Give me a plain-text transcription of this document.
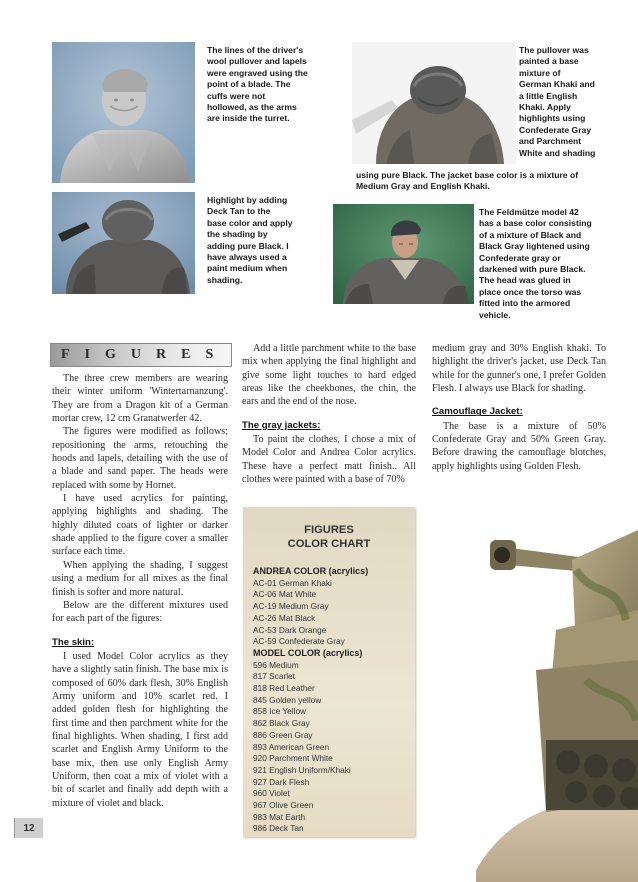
The lines of the driver's
wool pullover and lapels
were engraved using the
point of a blade. The
cuffs were not
hollowed, as the arms
are inside the turret.
The pullover was
painted a base
mixture of
German Khaki and
a little English
Khaki. Apply
highlights using
Confederate Gray
and Parchment
White and shading
using pure Black. The jacket base color is a mixture of
Medium Gray and English Khaki.
Highlight by adding
Deck Tan to the
base color and apply
the shading by
adding pure Black. I
have always used a
paint medium when
shading.
The Feldmütze model 42
has a base color consisting
of a mixture of Black and
Black Gray lightened using
Confederate gray or
darkened with pure Black.
The head was glued in
place once the torso was
fitted into the armored
vehicle.
FIGURES

The three crew members are wearing their winter uniform 'Wintertarnanzung'. They are from a Dragon kit of a German mortar crew, 12 cm Granatwerfer 42.

The figures were modified as follows; repositioning the arms, retouching the hoods and lapels, detailing with the use of a blade and sand paper. The heads were replaced with some by Hornet.

I have used acrylics for painting, applying highlights and shading. The highly diluted coats of lighter or darker shade applied to the figure cover a smaller surface each time.

When applying the shading, I suggest using a medium for all mixes as the final finish is softer and more natural.

Below are the different mixtures used for each part of the figures:

The skin:

I used Model Color acrylics as they have a slightly satin finish. The base mix is composed of 60% dark flesh, 30% English Army uniform and 10% scarlet red. I added golden flesh for highlighting the first time and then parchment white for the final highlights. When shading, I first add scarlet and English Army Uniform to the base mix, then use only English Army Uniform, then coat a mix of violet with a bit of scarlet and finally add depth with a mixture of violet and black.

Add a little parchment white to the base mix when applying the final highlight and give some light touches to hard edged areas like the cheekbones, the chin, the ears and the end of the nose.

The gray jackets:

To paint the clothes, I chose a mix of Model Color and Andrea Color acrylics. These have a perfect matt finish.. All clothes were painted with a base of 70%

medium gray and 30% English khaki. To highlight the driver's jacket, use Deck Tan while for the gunner's one, I prefer Golden Flesh. I always use Black for shading.

Camouflage Jacket:

The base is a mixture of 50% Confederate Gray and 50% Green Gray. Before drawing the camouflage blotches, apply highlights using Golden Flesh.

FIGURES
COLOR CHART
ANDREA COLOR (acrylics)
AC-01 German Khaki
AC-06 Mat White
AC-19 Medium Gray
AC-26 Mat Black
AC-53 Dark Orange
AC-59 Confederate Gray
MODEL COLOR (acrylics)
596 Medium
817 Scarlet
818 Red Leather
845 Golden yellow
858 Ice Yellow
862 Black Gray
886 Green Gray
893 American Green
920 Parchment White
921 English Uniform/Khaki
927 Dark Flesh
960 Violet
967 Olive Green
983 Mat Earth
986 Deck Tan
12
